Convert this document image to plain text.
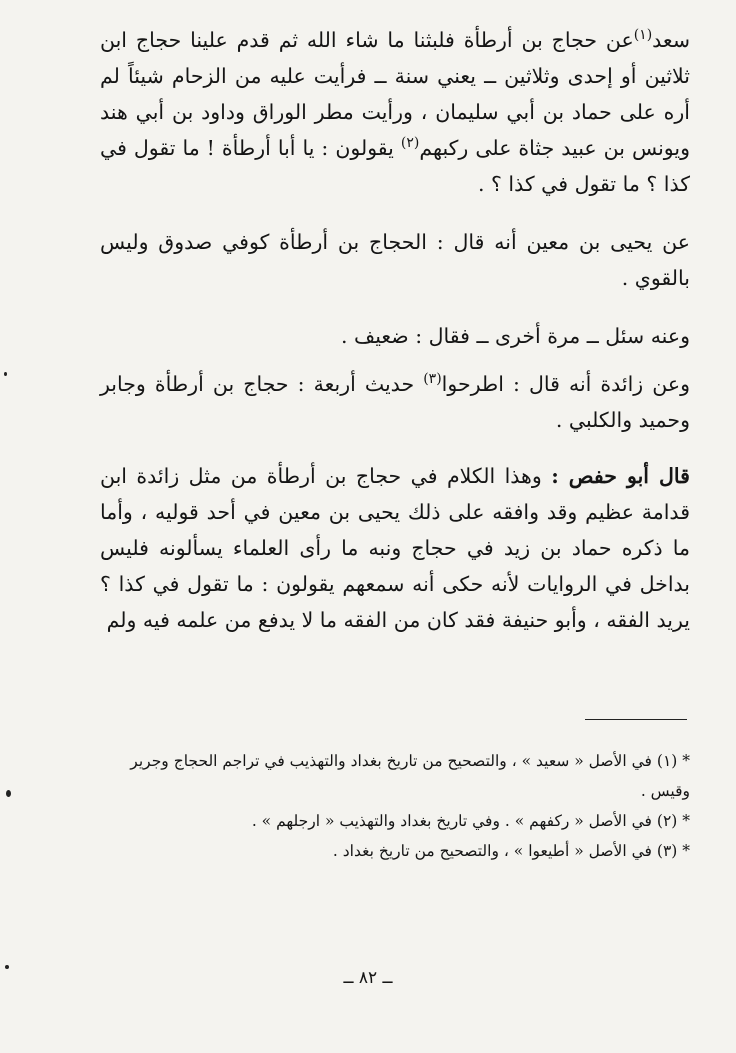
سعد$^{(١)}$عن حجاج بن أرطأة فلبثنا ما شاء الله ثم قدم علينا حجاج ابن ثلاثين أو إحدى وثلاثين ــ يعني سنة ــ فرأيت عليه من الزحام شيئاً لم أره على حماد بن أبي سليمان ، ورأيت مطر الوراق وداود بن أبي هند ويونس بن عبيد جثاة على ركبهم$^{(٢)}$ يقولون : يا أبا أرطأة ! ما تقول في كذا ؟ ما تقول في كذا ؟ .

عن يحيى بن معين أنه قال : الحجاج بن أرطأة كوفي صدوق وليس بالقوي .

وعنه سئل ــ مرة أخرى ــ فقال : ضعيف .

وعن زائدة أنه قال : اطرحوا$^{(٣)}$ حديث أربعة : حجاج بن أرطأة وجابر وحميد والكلبي .

قال أبو حفص : وهذا الكلام في حجاج بن أرطأة من مثل زائدة ابن قدامة عظيم وقد وافقه على ذلك يحيى بن معين في أحد قوليه ، وأما ما ذكره حماد بن زيد في حجاج ونبه ما رأى العلماء يسألونه فليس بداخل في الروايات لأنه حكى أنه سمعهم يقولون : ما تقول في كذا ؟ يريد الفقه ، وأبو حنيفة فقد كان من الفقه ما لا يدفع من علمه فيه ولم

* (١) في الأصل « سعيد » ، والتصحيح من تاريخ بغداد والتهذيب في تراجم الحجاج وجرير وقيس .

* (٢) في الأصل « ركفهم » . وفي تاريخ بغداد والتهذيب « ارجلهم » .

* (٣) في الأصل « أطيعوا » ، والتصحيح من تاريخ بغداد .

ــ ٨٢ ــ
